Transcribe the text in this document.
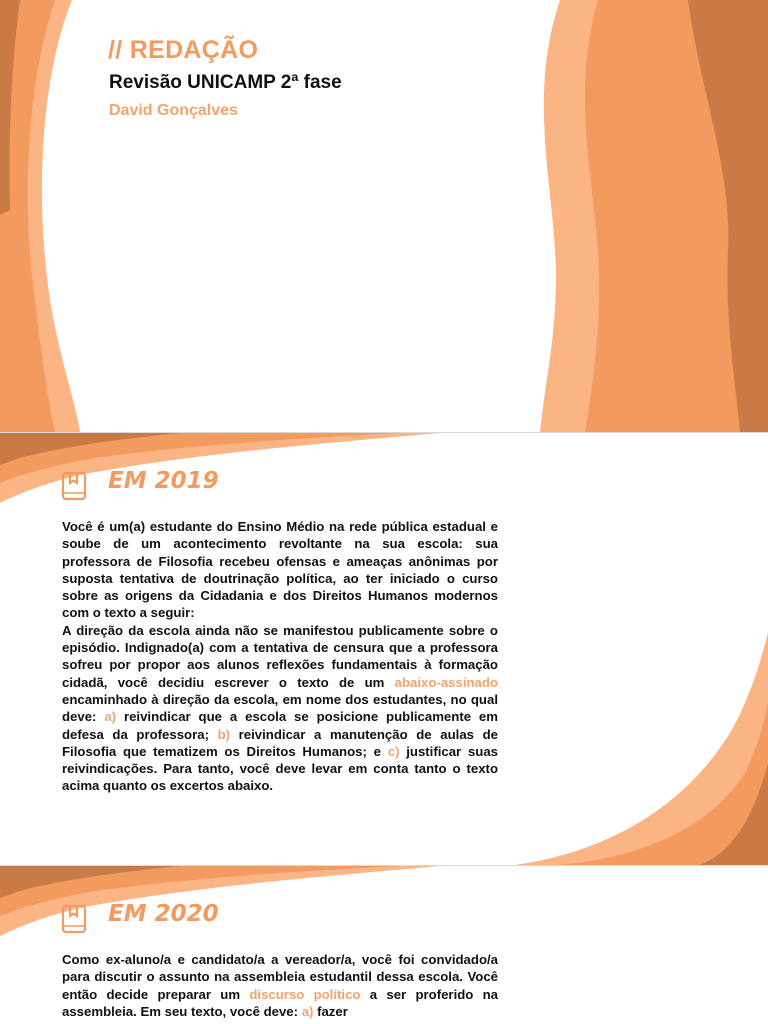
// REDAÇÃO

Revisão UNICAMP 2ª fase

David Gonçalves

EM 2019

Você é um(a) estudante do Ensino Médio na rede pública estadual e soube de um acontecimento revoltante na sua escola: sua professora de Filosofia recebeu ofensas e ameaças anônimas por suposta tentativa de doutrinação política, ao ter iniciado o curso sobre as origens da Cidadania e dos Direitos Humanos modernos com o texto a seguir:

A direção da escola ainda não se manifestou publicamente sobre o episódio. Indignado(a) com a tentativa de censura que a professora sofreu por propor aos alunos reflexões fundamentais à formação cidadã, você decidiu escrever o texto de um abaixo-assinado encaminhado à direção da escola, em nome dos estudantes, no qual deve: a) reivindicar que a escola se posicione publicamente em defesa da professora; b) reivindicar a manutenção de aulas de Filosofia que tematizem os Direitos Humanos; e c) justificar suas reivindicações. Para tanto, você deve levar em conta tanto o texto acima quanto os excertos abaixo.

EM 2020

Como ex-aluno/a e candidato/a a vereador/a, você foi convidado/a para discutir o assunto na assembleia estudantil dessa escola. Você então decide preparar um discurso político a ser proferido na assembleia. Em seu texto, você deve: a) fazer
